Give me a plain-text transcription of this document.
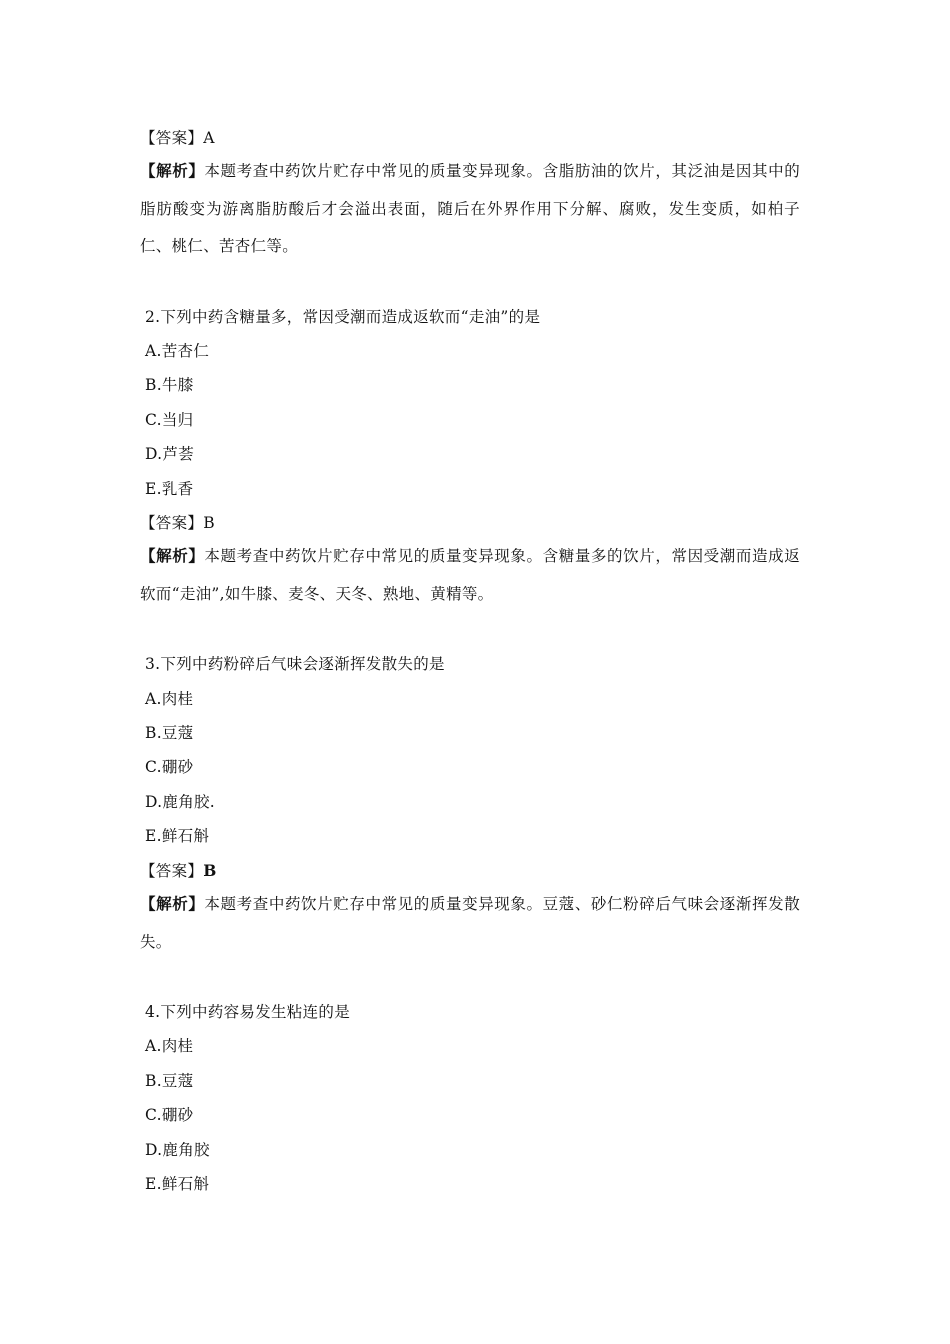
【答案】A
【解析】本题考查中药饮片贮存中常见的质量变异现象。含脂肪油的饮片，其泛油是因其中的脂肪酸变为游离脂肪酸后才会溢出表面，随后在外界作用下分解、腐败，发生变质，如柏子仁、桃仁、苦杏仁等。
2.下列中药含糖量多，常因受潮而造成返软而“走油”的是
A.苦杏仁
B.牛膝
C.当归
D.芦荟
E.乳香
【答案】B
【解析】本题考查中药饮片贮存中常见的质量变异现象。含糖量多的饮片，常因受潮而造成返软而“走油”,如牛膝、麦冬、天冬、熟地、黄精等。
3.下列中药粉碎后气味会逐渐挥发散失的是
A.肉桂
B.豆蔻
C.硼砂
D.鹿角胶.
E.鲜石斛
【答案】B
【解析】本题考查中药饮片贮存中常见的质量变异现象。豆蔻、砂仁粉碎后气味会逐渐挥发散失。
4.下列中药容易发生粘连的是
A.肉桂
B.豆蔻
C.硼砂
D.鹿角胶
E.鲜石斛
